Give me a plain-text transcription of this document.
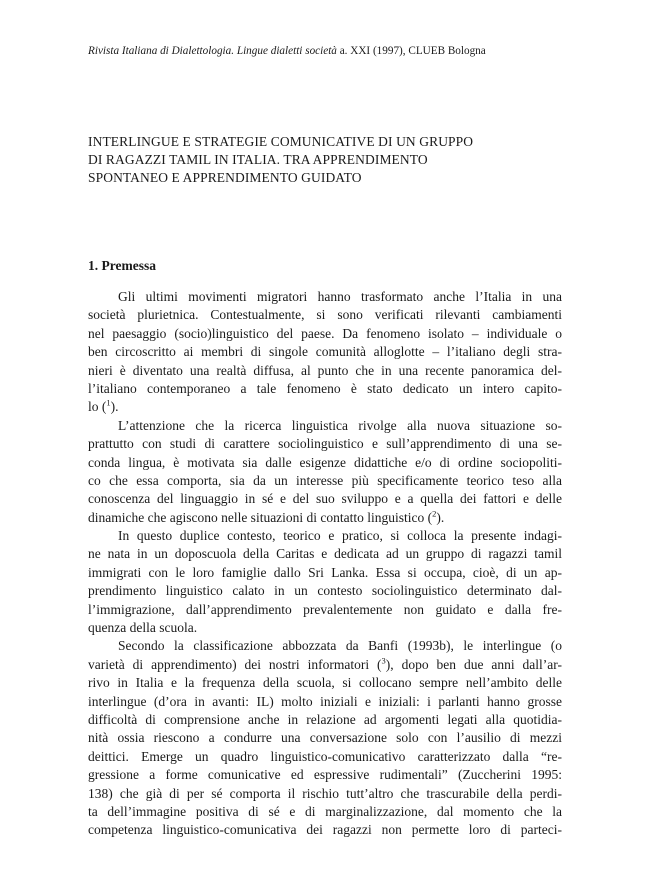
Rivista Italiana di Dialettologia. Lingue dialetti società a. XXI (1997), CLUEB Bologna
INTERLINGUE E STRATEGIE COMUNICATIVE DI UN GRUPPO
DI RAGAZZI TAMIL IN ITALIA. TRA APPRENDIMENTO
SPONTANEO E APPRENDIMENTO GUIDATO
1. Premessa
Gli ultimi movimenti migratori hanno trasformato anche l’Italia in una
società plurietnica. Contestualmente, si sono verificati rilevanti cambiamenti
nel paesaggio (socio)linguistico del paese. Da fenomeno isolato – individuale o
ben circoscritto ai membri di singole comunità alloglotte – l’italiano degli stra-
nieri è diventato una realtà diffusa, al punto che in una recente panoramica del-
l’italiano contemporaneo a tale fenomeno è stato dedicato un intero capito-
lo ($^1$).
L’attenzione che la ricerca linguistica rivolge alla nuova situazione so-
prattutto con studi di carattere sociolinguistico e sull’apprendimento di una se-
conda lingua, è motivata sia dalle esigenze didattiche e/o di ordine sociopoliti-
co che essa comporta, sia da un interesse più specificamente teorico teso alla
conoscenza del linguaggio in sé e del suo sviluppo e a quella dei fattori e delle
dinamiche che agiscono nelle situazioni di contatto linguistico ($^2$).
In questo duplice contesto, teorico e pratico, si colloca la presente indagi-
ne nata in un doposcuola della Caritas e dedicata ad un gruppo di ragazzi tamil
immigrati con le loro famiglie dallo Sri Lanka. Essa si occupa, cioè, di un ap-
prendimento linguistico calato in un contesto sociolinguistico determinato dal-
l’immigrazione, dall’apprendimento prevalentemente non guidato e dalla fre-
quenza della scuola.
Secondo la classificazione abbozzata da Banfi (1993b), le interlingue (o
varietà di apprendimento) dei nostri informatori ($^3$), dopo ben due anni dall’ar-
rivo in Italia e la frequenza della scuola, si collocano sempre nell’ambito delle
interlingue (d’ora in avanti: IL) molto iniziali e iniziali: i parlanti hanno grosse
difficoltà di comprensione anche in relazione ad argomenti legati alla quotidia-
nità ossia riescono a condurre una conversazione solo con l’ausilio di mezzi
deittici. Emerge un quadro linguistico-comunicativo caratterizzato dalla “re-
gressione a forme comunicative ed espressive rudimentali” (Zuccherini 1995:
138) che già di per sé comporta il rischio tutt’altro che trascurabile della perdi-
ta dell’immagine positiva di sé e di marginalizzazione, dal momento che la
competenza linguistico-comunicativa dei ragazzi non permette loro di parteci-
